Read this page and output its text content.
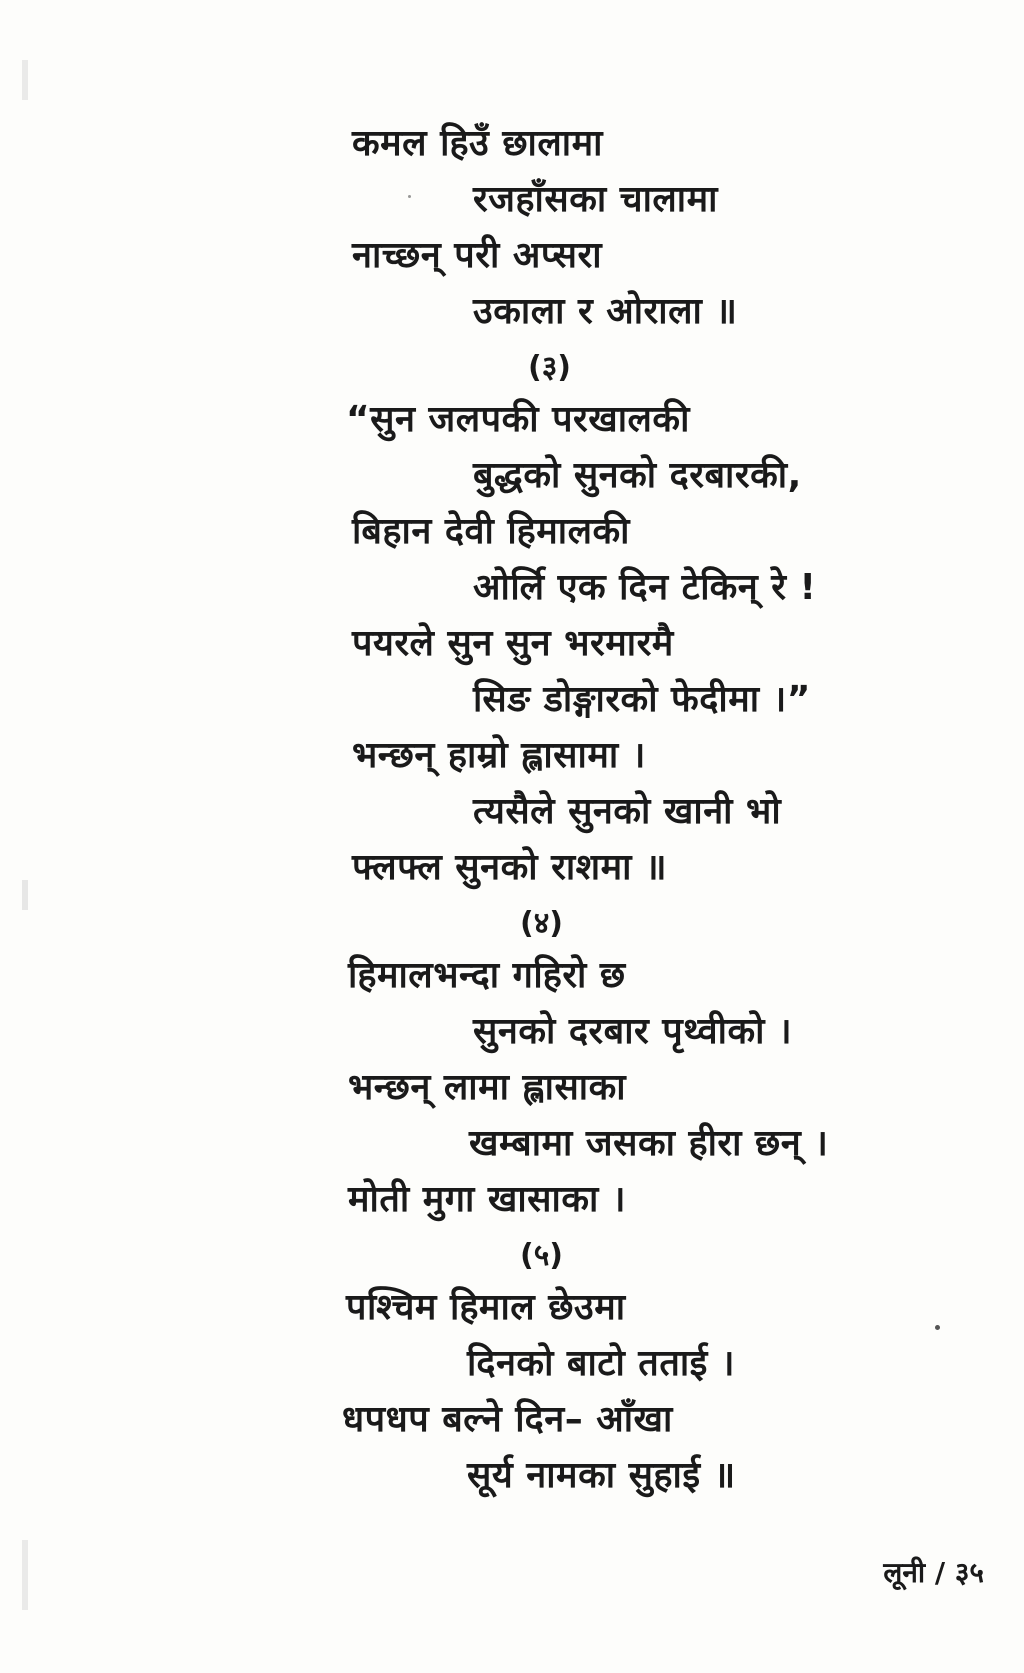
कमल हिउँ छालामा
रजहाँसका चालामा
नाच्छन् परी अप्सरा
उकाला र ओराला ॥
(३)
“सुन जलपकी परखालकी
बुद्धको सुनको दरबारकी,
बिहान देवी हिमालकी
ओर्लि एक दिन टेकिन् रे !
पयरले सुन सुन भरमारमै
सिङ डोङ्गारको फेदीमा ।”
भन्छन् हाम्रो ह्लासामा ।
त्यसैले सुनको खानी भो
फ्लफ्ल सुनको राशमा ॥
(४)
हिमालभन्दा गहिरो छ
सुनको दरबार पृथ्वीको ।
भन्छन् लामा ह्लासाका
खम्बामा जसका हीरा छन् ।
मोती मुगा खासाका ।
(५)
पश्चिम हिमाल छेउमा
दिनको बाटो तताई ।
धपधप बल्ने दिन– आँखा
सूर्य नामका सुहाई ॥
लूनी / ३५
